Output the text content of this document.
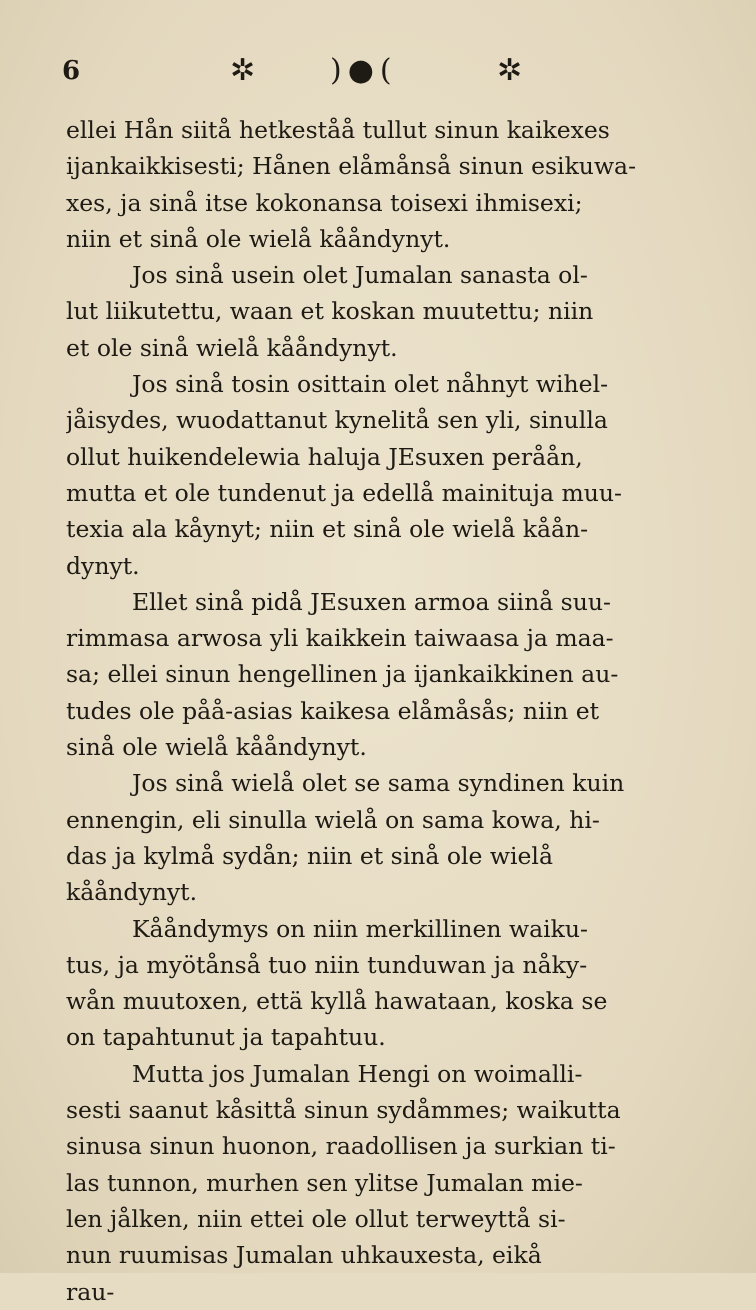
6	✲ )●(	✲
ellei Hån siitå hetkeståå tullut sinun kaikexes
ijankaikkisesti; Hånen elåmånså sinun esikuwa-
xes, ja sinå itse kokonansa toisexi ihmisexi;
niin et sinå ole wielå kååndynyt.
Jos sinå usein olet Jumalan sanasta ol-
lut liikutettu, waan et koskan muutettu; niin
et ole sinå wielå kååndynyt.
Jos sinå tosin osittain olet nåhnyt wihel-
jåisydes, wuodattanut kynelitå sen yli, sinulla
ollut huikendelewia haluja JEsuxen peråån,
mutta et ole tundenut ja edellå mainituja muu-
texia ala kåynyt; niin et sinå ole wielå kåån-
dynyt.
Ellet sinå pidå JEsuxen armoa siinå suu-
rimmasa arwosa yli kaikkein taiwaasa ja maa-
sa; ellei sinun hengellinen ja ijankaikkinen au-
tudes ole påå-asias kaikesa elåmåsås; niin et
sinå ole wielå kååndynyt.
Jos sinå wielå olet se sama syndinen kuin
ennengin, eli sinulla wielå on sama kowa, hi-
das ja kylmå sydån; niin et sinå ole wielå
kååndynyt.
Kååndymys on niin merkillinen waiku-
tus, ja myötånså tuo niin tunduwan ja nåky-
wån muutoxen, että kyllå hawataan, koska se
on tapahtunut ja tapahtuu.
Mutta jos Jumalan Hengi on woimalli-
sesti saanut kåsittå sinun sydåmmes; waikutta
sinusa sinun huonon, raadollisen ja surkian ti-
las tunnon, murhen sen ylitse Jumalan mie-
len jålken, niin ettei ole ollut terweyttå si-
nun ruumisas Jumalan uhkauxesta, eikå
rau-
